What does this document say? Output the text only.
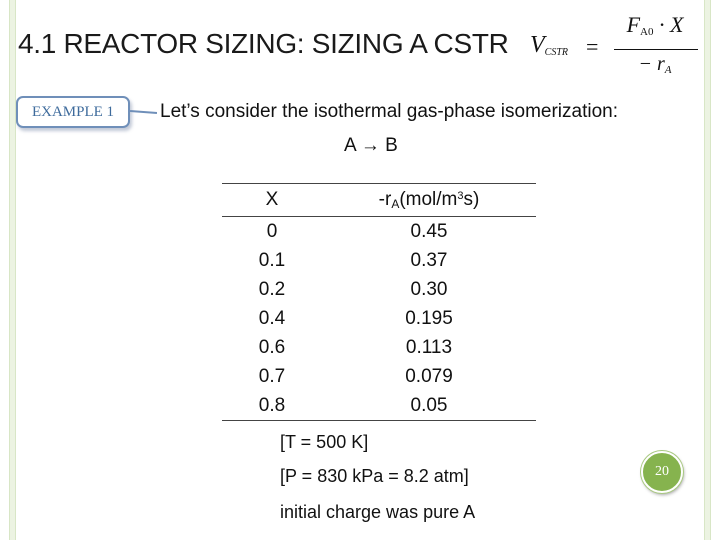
4.1 REACTOR SIZING: SIZING A CSTR $V_{CSTR}$ =
$F_{A0} \cdot X$
− $r_A$
EXAMPLE 1	Let’s consider the isothermal gas-phase isomerization:
A → B
X	$-r_A(mol/m^3s)$
0	0.45
0.1	0.37
0.2	0.30
0.4	0.195
0.6	0.113
0.7	0.079
0.8	0.05
[T = 500 K]
[P = 830 kPa = 8.2 atm]
initial charge was pure A
20
